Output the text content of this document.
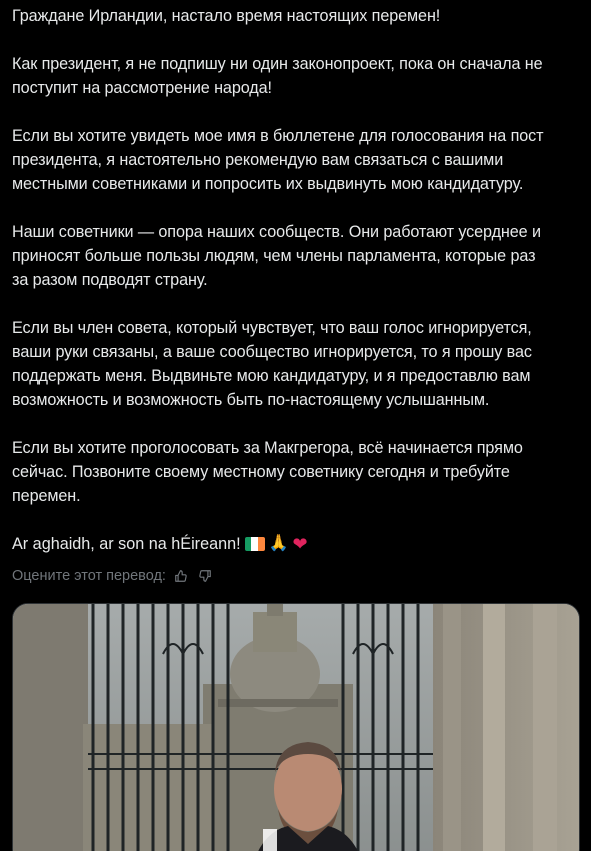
Граждане Ирландии, настало время настоящих перемен!

Как президент, я не подпишу ни один законопроект, пока он сначала не
поступит на рассмотрение народа!

Если вы хотите увидеть мое имя в бюллетене для голосования на пост
президента, я настоятельно рекомендую вам связаться с вашими
местными советниками и попросить их выдвинуть мою кандидатуру.

Наши советники — опора наших сообществ. Они работают усерднее и
приносят больше пользы людям, чем члены парламента, которые раз
за разом подводят страну.

Если вы член совета, который чувствует, что ваш голос игнорируется,
ваши руки связаны, а ваше сообщество игнорируется, то я прошу вас
поддержать меня. Выдвиньте мою кандидатуру, и я предоставлю вам
возможность и возможность быть по-настоящему услышанным.

Если вы хотите проголосовать за Макгрегора, всё начинается прямо
сейчас. Позвоните своему местному советнику сегодня и требуйте
перемен.

Ar aghaidh, ar son na hÉireann! 🙏 ❤
Оцените этот перевод:
